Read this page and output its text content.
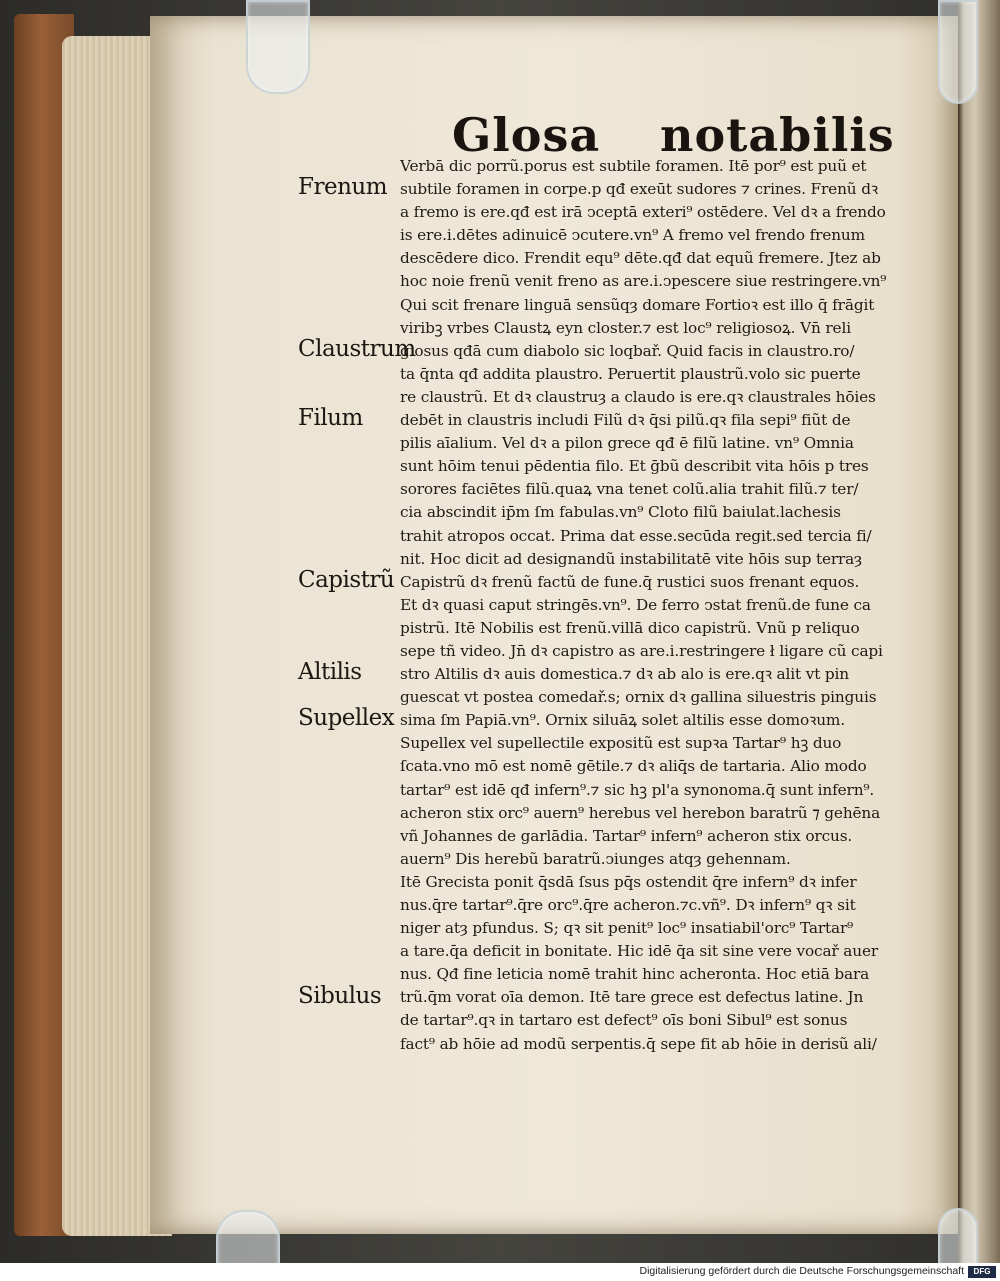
Glosa notabilis
Frenum
Claustrum
Filum
Capistrũ
Altilis
Supellex
Sibulus
Verbā dic porrũ.porus est subtile foramen. Itē por⁹ est puũ et
subtile foramen in corpe.p qđ exeūt sudores ⁊ crines. Frenũ dꝛ
a fremo is ere.qđ est irā ↄceptā exteri⁹ ostēdere. Vel dꝛ a frendo
is ere.i.dētes adinuicē ↄcutere.vn⁹ A fremo vel frendo frenum
descēdere dico. Frendit equ⁹ dēte.qđ dat equũ fremere. Jtez ab
hoc noie frenũ venit freno as are.i.ↄpescere siue restringere.vn⁹
Qui scit frenare linguā sensũqȝ domare Fortioꝛ est illo q̄ frāgit
viribꝫ vrbes Claustꝝ eyn closter.⁊ est loc⁹ religiosoꝝ. Vn̄ reli
giosus qđā cum diabolo sic loqbař. Quid facis in claustro.ro/
ta q̄nta qđ addita plaustro. Peruertit plaustrũ.volo sic puerte
re claustrũ. Et dꝛ claustruȝ a claudo is ere.qꝛ claustrales hōies
debēt in claustris includi Filũ dꝛ q̄si pilũ.qꝛ fila sepi⁹ fiũt de
pilis aīalium. Vel dꝛ a pilon grece qđ ē filũ latine. vn⁹ Omnia
sunt hōim tenui pēdentia filo. Et ḡbũ describit vita hōis p tres
sorores faciētes filũ.quaꝝ vna tenet colũ.alia trahit filũ.⁊ ter/
cia abscindit ip̄m ſm fabulas.vn⁹ Cloto filũ baiulat.lachesis
trahit atropos occat. Prima dat esse.secūda regit.sed tercia fi/
nit. Hoc dicit ad designandũ instabilitatē vite hōis sup terraȝ
Capistrũ dꝛ frenũ factũ de fune.q̄ rustici suos frenant equos.
Et dꝛ quasi caput stringēs.vn⁹. De ferro ↄstat frenũ.de fune ca
pistrũ. Itē Nobilis est frenũ.villā dico capistrũ. Vnũ p reliquo
sepe tñ video. Jn̄ dꝛ capistro as are.i.restringere ł ligare cũ capi
stro Altilis dꝛ auis domestica.⁊ dꝛ ab alo is ere.qꝛ alit vt pin
guescat vt postea comedař.s; ornix dꝛ gallina siluestris pinguis
sima ſm Papiā.vn⁹. Ornix siluāꝝ solet altilis esse domoꝛum.
Supellex vel supellectile expositũ est supꝛa Tartar⁹ hꝫ duo
ſcata.vno mō est nomē gētile.⁊ dꝛ aliq̄s de tartaria. Alio modo
tartar⁹ est idē qđ infern⁹.⁊ sic hꝫ pl'a synonoma.q̄ sunt infern⁹.
acheron stix orc⁹ auern⁹ herebus vel herebon baratrũ ⁊ gehēna
vñ Johannes de garlādia. Tartar⁹ infern⁹ acheron stix orcus.
auern⁹ Dis herebũ baratrũ.ↄiunges atqȝ gehennam.
Itē Grecista ponit q̄sdā ſsus pq̄s ostendit q̄re infern⁹ dꝛ infer
nus.q̄re tartar⁹.q̄re orc⁹.q̄re acheron.⁊c.vñ⁹. Dꝛ infern⁹ qꝛ sit
niger atȝ pfundus. S; qꝛ sit penit⁹ loc⁹ insatiabil'orc⁹ Tartar⁹
a tare.q̄a deficit in bonitate. Hic idē q̄a sit sine vere vocař auer
nus. Qđ fine leticia nomē trahit hinc acheronta. Hoc etiā bara
trũ.q̄m vorat oīa demon. Itē tare grece est defectus latine. Jn
de tartar⁹.qꝛ in tartaro est defect⁹ oīs boni Sibul⁹ est sonus
fact⁹ ab hōie ad modũ serpentis.q̄ sepe fit ab hōie in derisũ ali/
Digitalisierung gefördert durch die Deutsche Forschungsgemeinschaft	DFG
